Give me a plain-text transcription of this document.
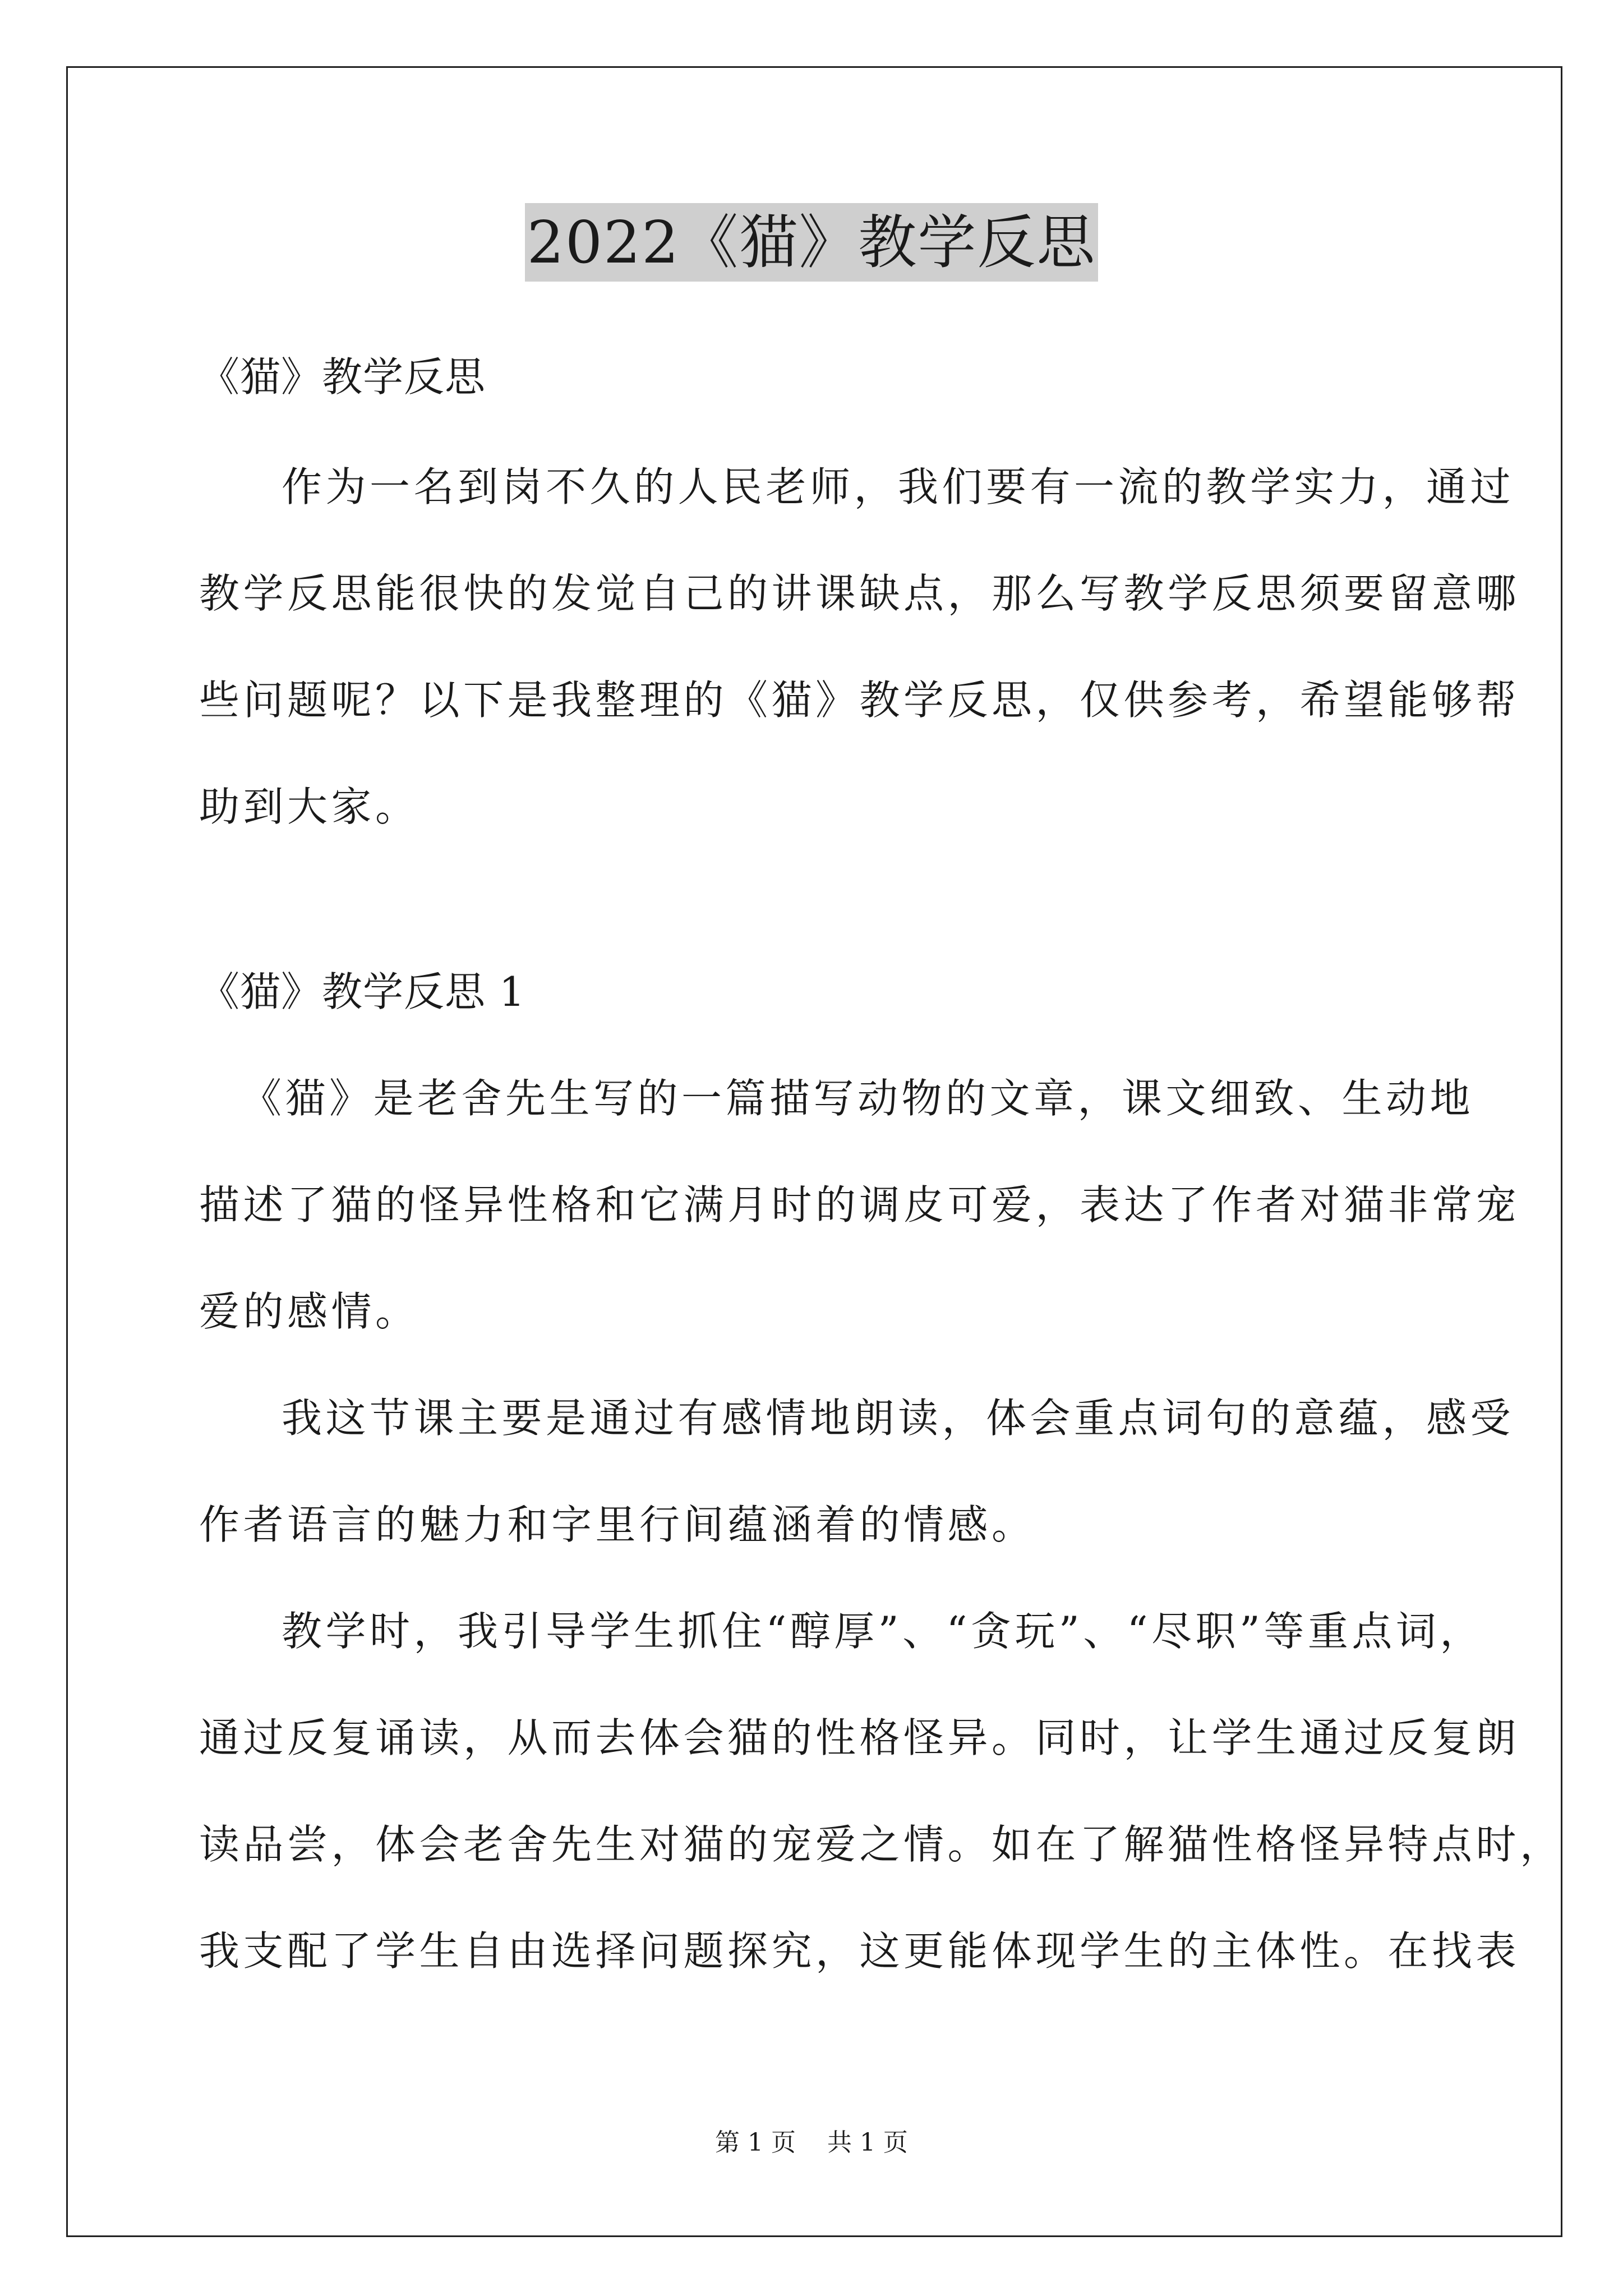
2022《猫》教学反思
《猫》教学反思
作为一名到岗不久的人民老师，我们要有一流的教学实力，通过
教学反思能很快的发觉自己的讲课缺点，那么写教学反思须要留意哪
些问题呢？以下是我整理的《猫》教学反思，仅供参考，希望能够帮
助到大家。
《猫》教学反思 1
《猫》是老舍先生写的一篇描写动物的文章，课文细致、生动地
描述了猫的怪异性格和它满月时的调皮可爱，表达了作者对猫非常宠
爱的感情。
我这节课主要是通过有感情地朗读，体会重点词句的意蕴，感受
作者语言的魅力和字里行间蕴涵着的情感。
教学时，我引导学生抓住“醇厚”、“贪玩”、“尽职”等重点词，
通过反复诵读，从而去体会猫的性格怪异。同时，让学生通过反复朗
读品尝，体会老舍先生对猫的宠爱之情。如在了解猫性格怪异特点时，
我支配了学生自由选择问题探究，这更能体现学生的主体性。在找表
第 1 页    共 1 页
